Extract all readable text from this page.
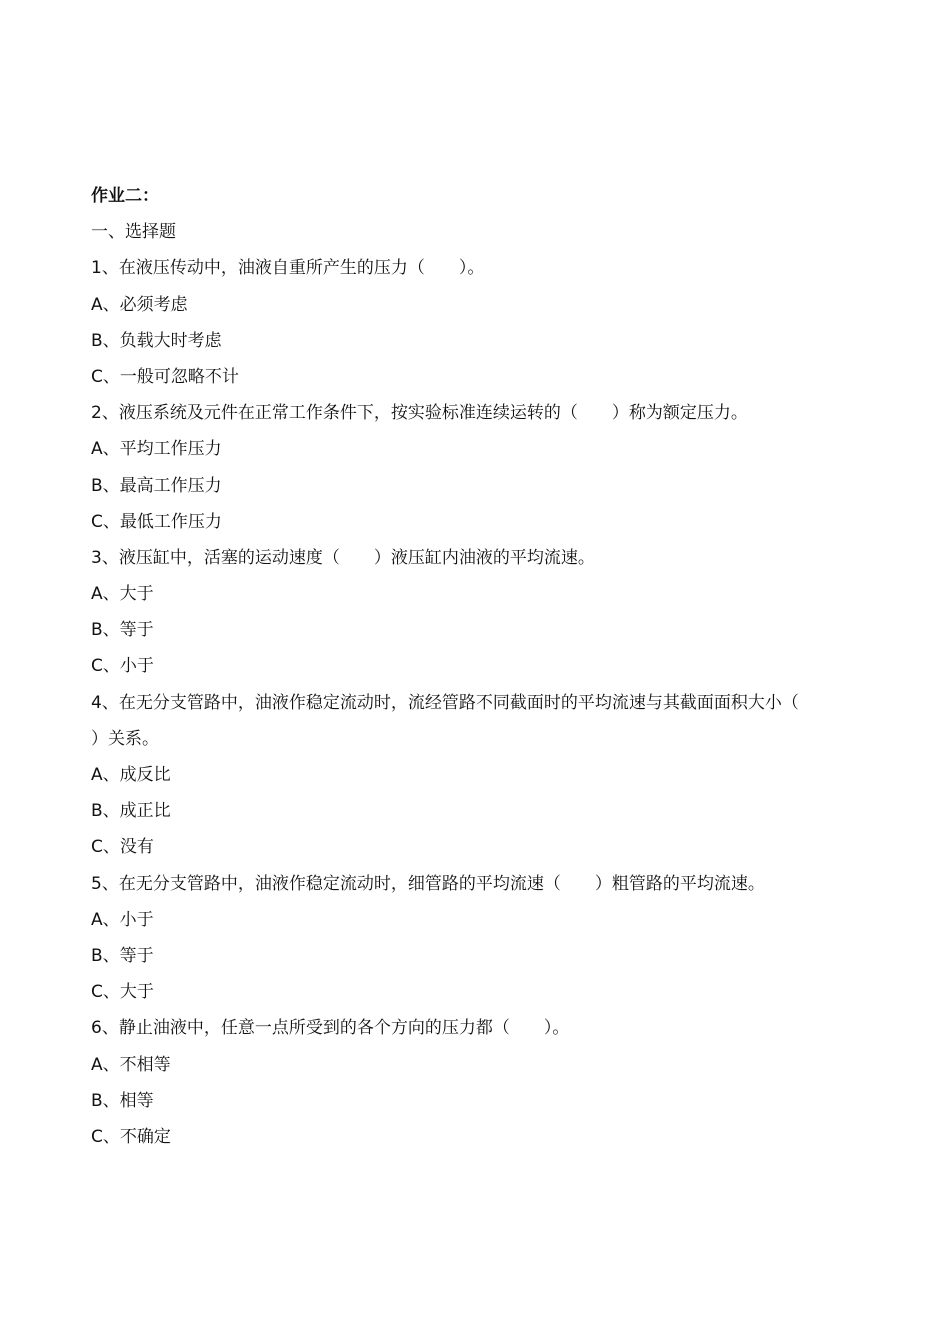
作业二：
一、选择题
1、在液压传动中，油液自重所产生的压力（　　）。
A、必须考虑
B、负载大时考虑
C、一般可忽略不计
2、液压系统及元件在正常工作条件下，按实验标准连续运转的（　　）称为额定压力。
A、平均工作压力
B、最高工作压力
C、最低工作压力
3、液压缸中，活塞的运动速度（　　）液压缸内油液的平均流速。
A、大于
B、等于
C、小于
4、在无分支管路中，油液作稳定流动时，流经管路不同截面时的平均流速与其截面面积大小（
）关系。
A、成反比
B、成正比
C、没有
5、在无分支管路中，油液作稳定流动时，细管路的平均流速（　　）粗管路的平均流速。
A、小于
B、等于
C、大于
6、静止油液中，任意一点所受到的各个方向的压力都（　　）。
A、不相等
B、相等
C、不确定
